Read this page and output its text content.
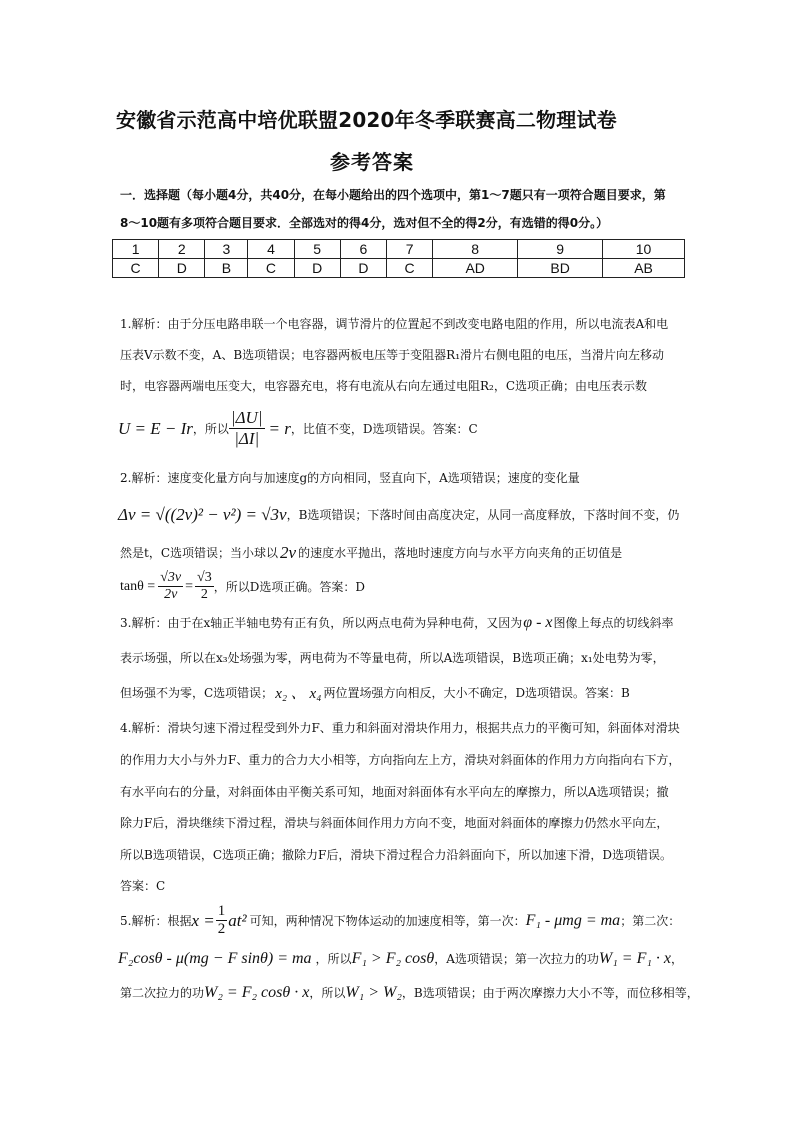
安徽省示范高中培优联盟2020年冬季联赛高二物理试卷
参考答案
一．选择题（每小题4分，共40分，在每小题给出的四个选项中，第1～7题只有一项符合题目要求，第
8～10题有多项符合题目要求．全部选对的得4分，选对但不全的得2分，有选错的得0分。）
1	2	3	4	5	6	7	8	9	10
C	D	B	C	D	D	C	AD	BD	AB
1.解析：由于分压电路串联一个电容器，调节滑片的位置起不到改变电路电阻的作用，所以电流表A和电
压表V示数不变，A、B选项错误；电容器两板电压等于变阻器R₁滑片右侧电阻的电压，当滑片向左移动
时，电容器两端电压变大，电容器充电，将有电流从右向左通过电阻R₂，C选项正确；由电压表示数
U = E − Ir ，所以 $\frac{|\Delta U|}{|\Delta I|} = r$ ，比值不变，D选项错误。答案：C
2.解析：速度变化量方向与加速度g的方向相同，竖直向下，A选项错误；速度的变化量
Δv = √((2v)² − v²) = √3v ，B选项错误；下落时间由高度决定，从同一高度释放，下落时间不变，仍
然是t，C选项错误；当小球以 2v 的速度水平抛出，落地时速度方向与水平方向夹角的正切值是
$\tan\theta = \frac{√3v}{2v} = \frac{√3}{2}$ ，所以D选项正确。答案：D
3.解析：由于在x轴正半轴电势有正有负，所以两点电荷为异种电荷，又因为 φ - x 图像上每点的切线斜率
表示场强，所以在x₃处场强为零，两电荷为不等量电荷，所以A选项错误，B选项正确；x₁处电势为零，
但场强不为零，C选项错误； x₂ 、 x₄ 两位置场强方向相反，大小不确定，D选项错误。答案：B
4.解析：滑块匀速下滑过程受到外力F、重力和斜面对滑块作用力，根据共点力的平衡可知，斜面体对滑块
的作用力大小与外力F、重力的合力大小相等，方向指向左上方，滑块对斜面体的作用力方向指向右下方，
有水平向右的分量，对斜面体由平衡关系可知，地面对斜面体有水平向左的摩擦力，所以A选项错误；撤
除力F后，滑块继续下滑过程，滑块与斜面体间作用力方向不变，地面对斜面体的摩擦力仍然水平向左，
所以B选项错误，C选项正确；撤除力F后，滑块下滑过程合力沿斜面向下，所以加速下滑，D选项错误。
答案：C
5.解析：根据 $x = \frac{1}{2} at^2$ 可知，两种情况下物体运动的加速度相等，第一次： F₁ - μmg = ma ；第二次：
F₂cosθ - μ(mg − F sinθ) = ma ，所以 F₁ > F₂ cosθ ，A选项错误；第一次拉力的功 W₁ = F₁ · x ，
第二次拉力的功 W₂ = F₂ cosθ · x ，所以 W₁ > W₂ ，B选项错误；由于两次摩擦力大小不等，而位移相等，
